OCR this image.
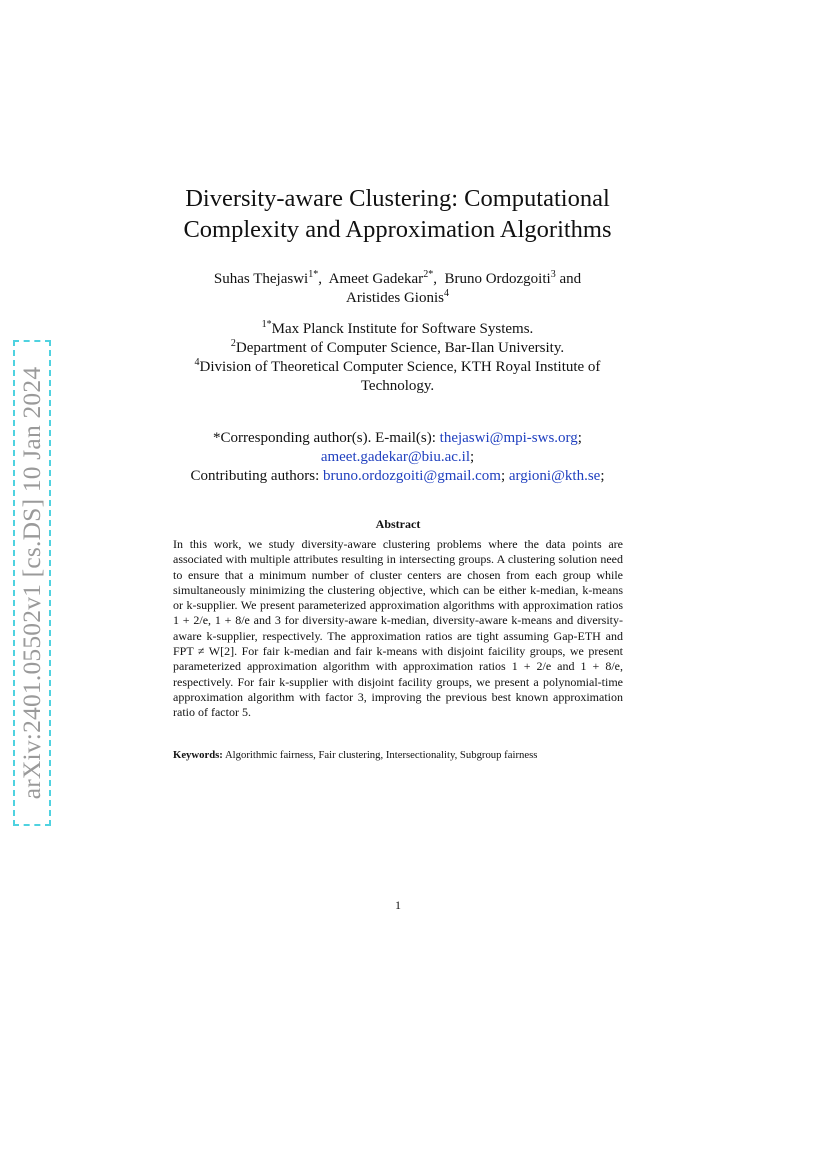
arXiv:2401.05502v1 [cs.DS] 10 Jan 2024
Diversity-aware Clustering: Computational
Complexity and Approximation Algorithms
Suhas Thejaswi$^{1*}$,  Ameet Gadekar$^{2*}$,  Bruno Ordozgoiti$^3$ and
Aristides Gionis$^4$
$^{1*}$Max Planck Institute for Software Systems.
$^2$Department of Computer Science, Bar-Ilan University.
$^4$Division of Theoretical Computer Science, KTH Royal Institute of
Technology.
*Corresponding author(s). E-mail(s): thejaswi@mpi-sws.org;
ameet.gadekar@biu.ac.il;
Contributing authors: bruno.ordozgoiti@gmail.com; argioni@kth.se;
Abstract
In this work, we study diversity-aware clustering problems where the data points are associated with multiple attributes resulting in intersecting groups. A clustering solution need to ensure that a minimum number of cluster centers are chosen from each group while simultaneously minimizing the clustering objective, which can be either k-median, k-means or k-supplier. We present parameterized approximation algorithms with approximation ratios 1 + 2/e, 1 + 8/e and 3 for diversity-aware k-median, diversity-aware k-means and diversity-aware k-supplier, respectively. The approximation ratios are tight assuming Gap-ETH and FPT ≠ W[2]. For fair k-median and fair k-means with disjoint faicility groups, we present parameterized approximation algorithm with approximation ratios 1 + 2/e and 1 + 8/e, respectively. For fair k-supplier with disjoint facility groups, we present a polynomial-time approximation algorithm with factor 3, improving the previous best known approximation ratio of factor 5.
Keywords: Algorithmic fairness, Fair clustering, Intersectionality, Subgroup fairness
1
